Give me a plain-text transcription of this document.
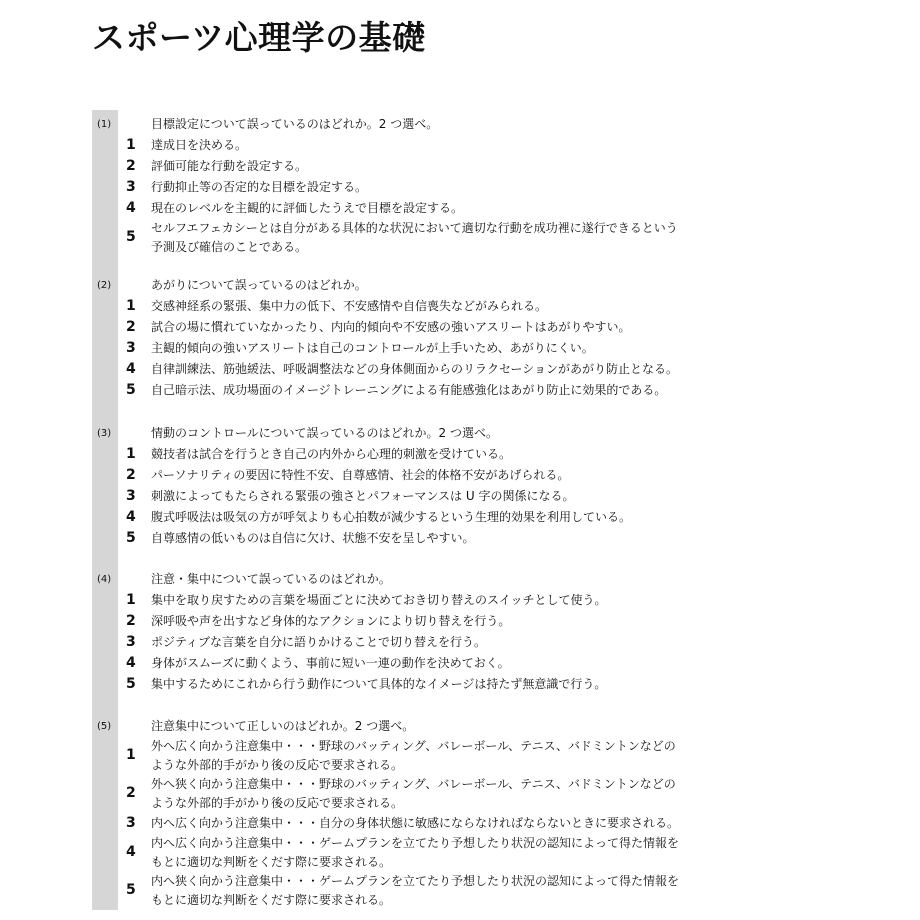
スポーツ心理学の基礎
(1)	目標設定について誤っているのはどれか。2 つ選べ。
1 達成日を決める。
2 評価可能な行動を設定する。
3 行動抑止等の否定的な目標を設定する。
4 現在のレベルを主観的に評価したうえで目標を設定する。
5
セルフエフェカシーとは自分がある具体的な状況において適切な行動を成功裡に遂行できるという
予測及び確信のことである。
(2)	あがりについて誤っているのはどれか。
1 交感神経系の緊張、集中力の低下、不安感情や自信喪失などがみられる。
2 試合の場に慣れていなかったり、内向的傾向や不安感の強いアスリートはあがりやすい。
3 主観的傾向の強いアスリートは自己のコントロールが上手いため、あがりにくい。
4 自律訓練法、筋弛緩法、呼吸調整法などの身体側面からのリラクセーションがあがり防止となる。
5 自己暗示法、成功場面のイメージトレーニングによる有能感強化はあがり防止に効果的である。
(3)	情動のコントロールについて誤っているのはどれか。2 つ選べ。
1 競技者は試合を行うとき自己の内外から心理的刺激を受けている。
2 パーソナリティの要因に特性不安、自尊感情、社会的体格不安があげられる。
3 刺激によってもたらされる緊張の強さとパフォーマンスは U 字の関係になる。
4 腹式呼吸法は吸気の方が呼気よりも心拍数が減少するという生理的効果を利用している。
5 自尊感情の低いものは自信に欠け、状態不安を呈しやすい。
(4)	注意・集中について誤っているのはどれか。
1 集中を取り戻すための言葉を場面ごとに決めておき切り替えのスイッチとして使う。
2 深呼吸や声を出すなど身体的なアクションにより切り替えを行う。
3 ポジティブな言葉を自分に語りかけることで切り替えを行う。
4 身体がスムーズに動くよう、事前に短い一連の動作を決めておく。
5 集中するためにこれから行う動作について具体的なイメージは持たず無意識で行う。
(5)	注意集中について正しいのはどれか。2 つ選べ。
1
外へ広く向かう注意集中・・・野球のバッティング、バレーボール、テニス、バドミントンなどの
ような外部的手がかり後の反応で要求される。
2
外へ狭く向かう注意集中・・・野球のバッティング、バレーボール、テニス、バドミントンなどの
ような外部的手がかり後の反応で要求される。
3 内へ広く向かう注意集中・・・自分の身体状態に敏感にならなければならないときに要求される。
4
内へ広く向かう注意集中・・・ゲームプランを立てたり予想したり状況の認知によって得た情報を
もとに適切な判断をくだす際に要求される。
5
内へ狭く向かう注意集中・・・ゲームプランを立てたり予想したり状況の認知によって得た情報を
もとに適切な判断をくだす際に要求される。
